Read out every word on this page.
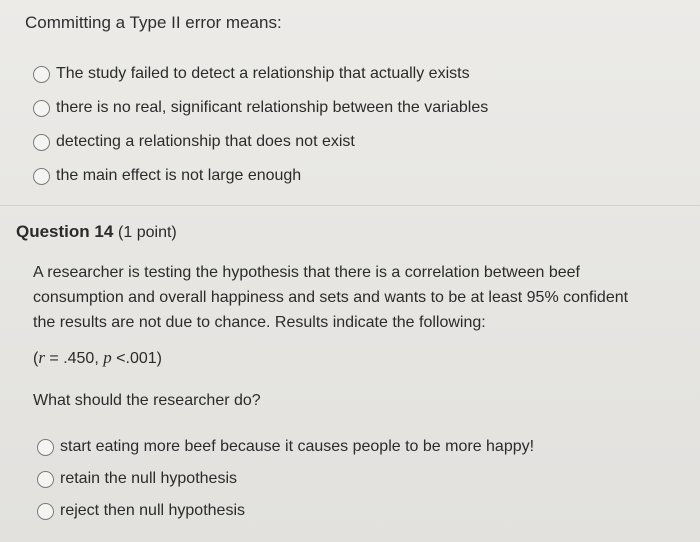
Committing a Type II error means:
The study failed to detect a relationship that actually exists
there is no real, significant relationship between the variables
detecting a relationship that does not exist
the main effect is not large enough
Question 14 (1 point)
A researcher is testing the hypothesis that there is a correlation between beef
consumption and overall happiness and sets and wants to be at least 95% confident
the results are not due to chance. Results indicate the following:
(r = .450, p <.001)
What should the researcher do?
start eating more beef because it causes people to be more happy!
retain the null hypothesis
reject then null hypothesis
